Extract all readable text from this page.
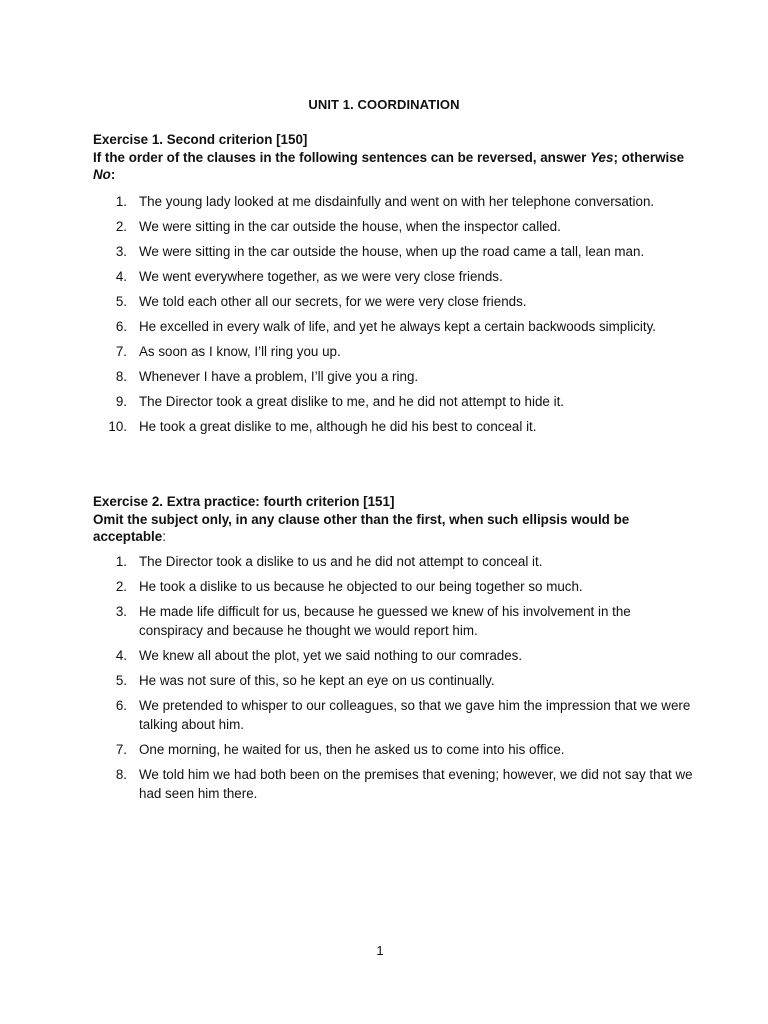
UNIT 1. COORDINATION

Exercise 1. Second criterion [150]

If the order of the clauses in the following sentences can be reversed, answer Yes; otherwise No:

1. The young lady looked at me disdainfully and went on with her telephone conversation.
2. We were sitting in the car outside the house, when the inspector called.
3. We were sitting in the car outside the house, when up the road came a tall, lean man.
4. We went everywhere together, as we were very close friends.
5. We told each other all our secrets, for we were very close friends.
6. He excelled in every walk of life, and yet he always kept a certain backwoods simplicity.
7. As soon as I know, I’ll ring you up.
8. Whenever I have a problem, I’ll give you a ring.
9. The Director took a great dislike to me, and he did not attempt to hide it.
10. He took a great dislike to me, although he did his best to conceal it.

Exercise 2. Extra practice: fourth criterion [151]

Omit the subject only, in any clause other than the first, when such ellipsis would be acceptable:

1. The Director took a dislike to us and he did not attempt to conceal it.
2. He took a dislike to us because he objected to our being together so much.
3. He made life difficult for us, because he guessed we knew of his involvement in the conspiracy and because he thought we would report him.
4. We knew all about the plot, yet we said nothing to our comrades.
5. He was not sure of this, so he kept an eye on us continually.
6. We pretended to whisper to our colleagues, so that we gave him the impression that we were talking about him.
7. One morning, he waited for us, then he asked us to come into his office.
8. We told him we had both been on the premises that evening; however, we did not say that we had seen him there.
1
